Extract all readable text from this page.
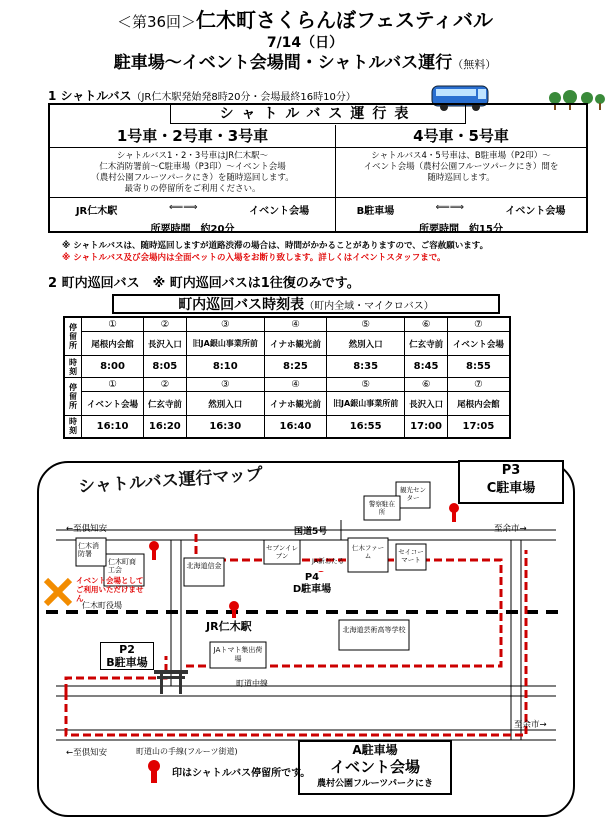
＜第36回＞仁木町さくらんぼフェスティバル
7/14（日）
駐車場～イベント会場間・シャトルバス運行（無料）
1 シャトルバス（JR仁木駅発始発8時20分・会場最終16時10分）
シャトルバス運行表
1号車・2号車・3号車
シャトルバス1・2・3号車はJR仁木駅～
仁木消防署前～C駐車場（P3印）～イベント会場
（農村公園フルーツパークにき）を随時巡回します。
最寄りの停留所をご利用ください。
JR仁木駅	⟸⟹	イベント会場
所要時間　約20分
4号車・5号車
シャトルバス4・5号車は、B駐車場（P2印）～
イベント会場（農村公園フルーツパークにき）間を
随時巡回します。
B駐車場	⟸⟹	イベント会場
所要時間　約15分
※ シャトルバスは、随時巡回しますが道路渋滞の場合は、時間がかかることがありますので、ご容赦願います。
※ シャトルバス及び会場内は全面ペットの入場をお断り致します。詳しくはイベントスタッフまで。
2 町内巡回バス　※ 町内巡回バスは1往復のみです。
町内巡回バス時刻表（町内全域・マイクロバス）
停
留
所	①	②	③	④	⑤	⑥	⑦
	尾根内会館	長沢入口	旧JA銀山事業所前	イナホ観光前	然別入口	仁玄寺前	イベント会場
時
刻	8:00	8:05	8:10	8:25	8:35	8:45	8:55
停
留
所	①	②	③	④	⑤	⑥	⑦
	イベント会場	仁玄寺前	然別入口	イナホ観光前	旧JA銀山事業所前	長沢入口	尾根内会館
時
刻	16:10	16:20	16:30	16:40	16:55	17:00	17:05
シャトルバス運行マップ	P3
C駐車場
P2
B駐車場
P4
D駐車場
至余市→
至余市→
←至倶知安
←至倶知安
国道5号
JR仁木駅
町道中線
町道山の手線(フルーツ街道)
仁木消防署
仁木町商工会
仁木町役場
北海道信金
セブンイレブン
JA新おたる
仁木ファーム	セイコーマート
警察駐在所
観光センター
北海道芸術高等学校
JAトマト集出荷場
イベント会場としてご利用いただけません
A駐車場
イベント会場
農村公園フルーツパークにき
印はシャトルバス停留所です。
